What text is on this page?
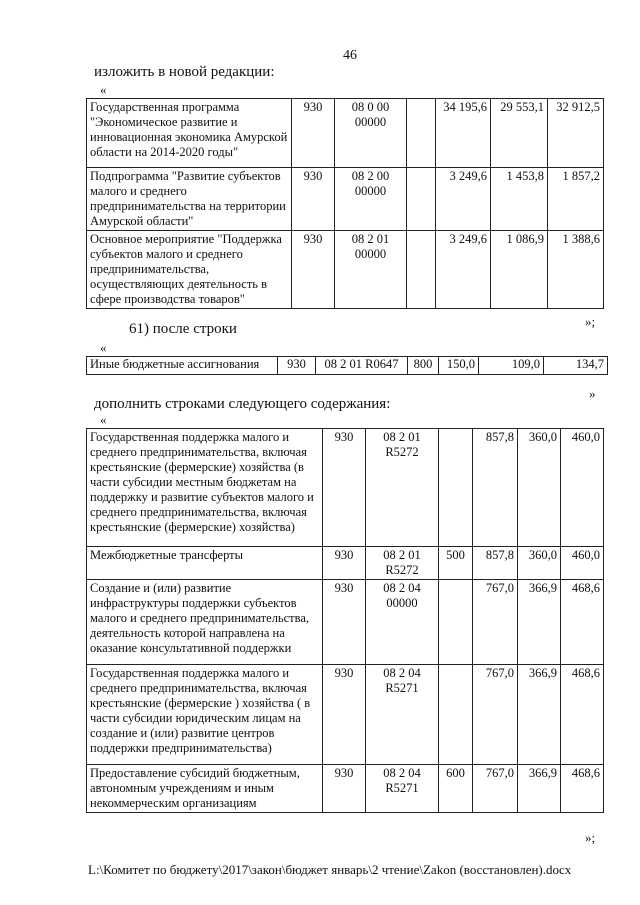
46
изложить в новой редакции:
«
Государственная программа "Экономическое развитие и инновационная экономика Амурской области на 2014-2020 годы"	930	08 0 00 00000		34 195,6	29 553,1	32 912,5
Подпрограмма "Развитие субъектов малого и среднего предпринимательства на территории Амурской области"	930	08 2 00 00000		3 249,6	1 453,8	1 857,2
Основное мероприятие "Поддержка субъектов малого и среднего предпринимательства, осуществляющих деятельность в сфере производства товаров"	930	08 2 01 00000		3 249,6	1 086,9	1 388,6
»;
61) после строки
«
Иные бюджетные ассигнования	930	08 2 01 R0647	800	150,0	109,0	134,7
»
дополнить строками следующего содержания:
«
Государственная поддержка малого и среднего предпринимательства, включая крестьянские (фермерские) хозяйства (в части субсидии местным бюджетам на поддержку и развитие субъектов малого и среднего предпринимательства, включая крестьянские (фермерские) хозяйства)	930	08 2 01 R5272		857,8	360,0	460,0
Межбюджетные трансферты	930	08 2 01 R5272	500	857,8	360,0	460,0
Создание и (или) развитие инфраструктуры поддержки субъектов малого и среднего предпринимательства, деятельность которой направлена на оказание консультативной поддержки	930	08 2 04 00000		767,0	366,9	468,6
Государственная поддержка малого и среднего предпринимательства, включая крестьянские (фермерские ) хозяйства ( в части субсидии юридическим лицам на создание и (или) развитие центров поддержки предпринимательства)	930	08 2 04 R5271		767,0	366,9	468,6
Предоставление субсидий бюджетным, автономным учреждениям и иным некоммерческим организациям	930	08 2 04 R5271	600	767,0	366,9	468,6
»;
L:\Комитет по бюджету\2017\закон\бюджет январь\2 чтение\Zakon (восстановлен).docx
